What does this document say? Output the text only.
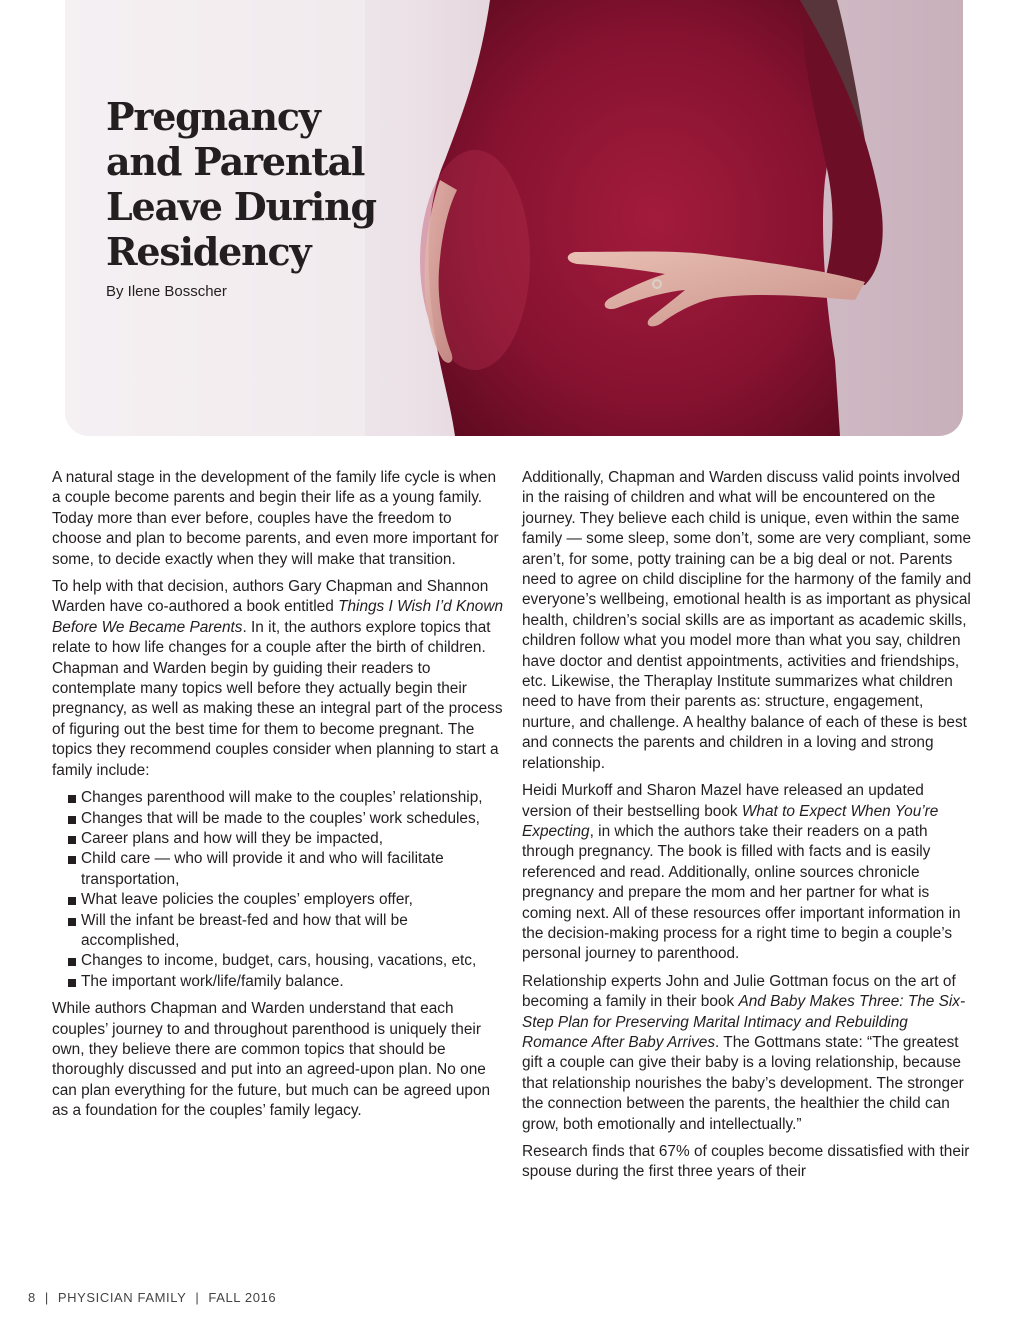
Pregnancy
and Parental
Leave During
Residency
By Ilene Bosscher

A natural stage in the development of the family life cycle is when a couple become parents and begin their life as a young family. Today more than ever before, couples have the freedom to choose and plan to become parents, and even more important for some, to decide exactly when they will make that transition.

To help with that decision, authors Gary Chapman and Shannon Warden have co-authored a book entitled Things I Wish I’d Known Before We Became Parents. In it, the authors explore topics that relate to how life changes for a couple after the birth of children. Chapman and Warden begin by guiding their readers to contemplate many topics well before they actually begin their pregnancy, as well as making these an integral part of the process of figuring out the best time for them to become pregnant. The topics they recommend couples consider when planning to start a family include:

Changes parenthood will make to the couples’ relationship,
Changes that will be made to the couples’ work schedules,
Career plans and how will they be impacted,
Child care — who will provide it and who will facilitate transportation,
What leave policies the couples’ employers offer,
Will the infant be breast-fed and how that will be accomplished,
Changes to income, budget, cars, housing, vacations, etc,
The important work/life/family balance.

While authors Chapman and Warden understand that each couples’ journey to and throughout parenthood is uniquely their own, they believe there are common topics that should be thoroughly discussed and put into an agreed-upon plan. No one can plan everything for the future, but much can be agreed upon as a foundation for the couples’ family legacy.

Additionally, Chapman and Warden discuss valid points involved in the raising of children and what will be encountered on the journey. They believe each child is unique, even within the same family — some sleep, some don’t, some are very compliant, some aren’t, for some, potty training can be a big deal or not. Parents need to agree on child discipline for the harmony of the family and everyone’s wellbeing, emotional health is as important as physical health, children’s social skills are as important as academic skills, children follow what you model more than what you say, children have doctor and dentist appointments, activities and friendships, etc. Likewise, the Theraplay Institute summarizes what children need to have from their parents as: structure, engagement, nurture, and challenge. A healthy balance of each of these is best and connects the parents and children in a loving and strong relationship.

Heidi Murkoff and Sharon Mazel have released an updated version of their bestselling book What to Expect When You’re Expecting, in which the authors take their readers on a path through pregnancy. The book is filled with facts and is easily referenced and read. Additionally, online sources chronicle pregnancy and prepare the mom and her partner for what is coming next. All of these resources offer important information in the decision-making process for a right time to begin a couple’s personal journey to parenthood.

Relationship experts John and Julie Gottman focus on the art of becoming a family in their book And Baby Makes Three: The Six-Step Plan for Preserving Marital Intimacy and Rebuilding Romance After Baby Arrives. The Gottmans state: “The greatest gift a couple can give their baby is a loving relationship, because that relationship nourishes the baby’s development. The stronger the connection between the parents, the healthier the child can grow, both emotionally and intellectually.”

Research finds that 67% of couples become dissatisfied with their spouse during the first three years of their

8 | PHYSICIAN FAMILY | FALL 2016
